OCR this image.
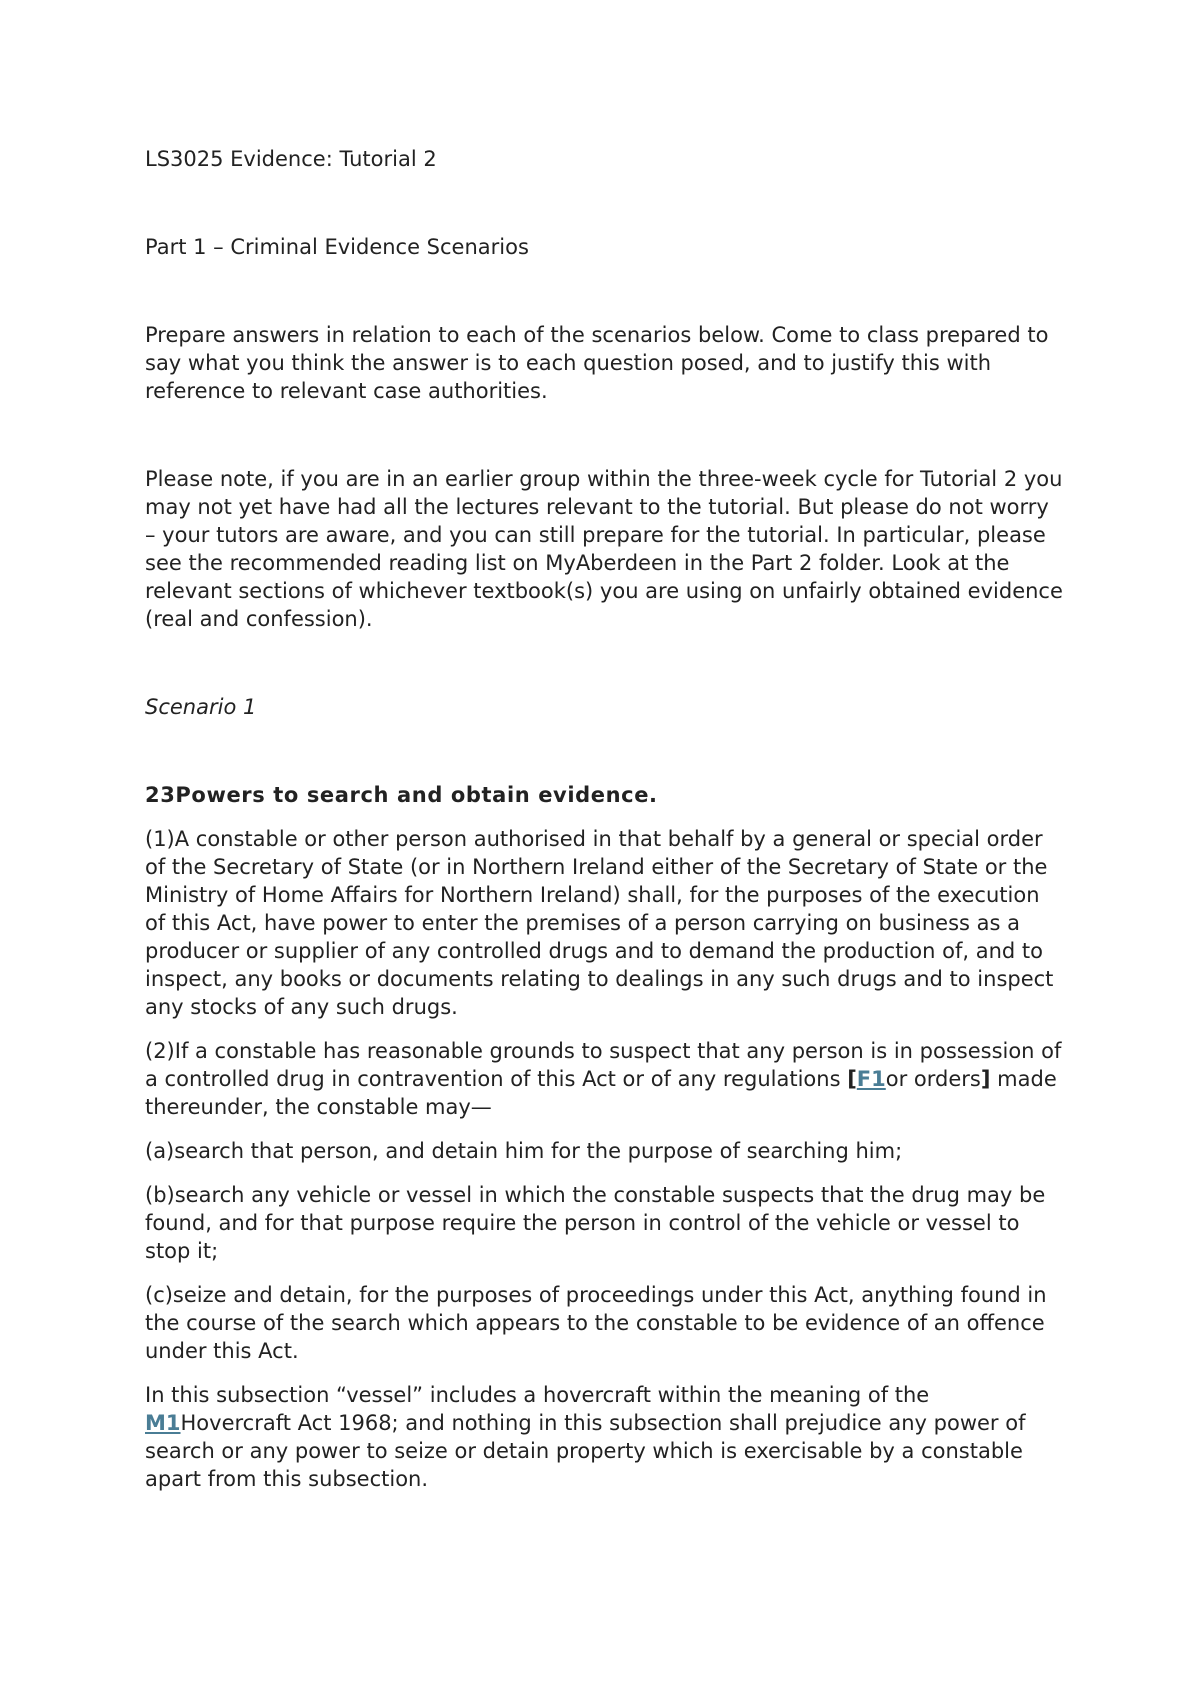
LS3025 Evidence: Tutorial 2

Part 1 – Criminal Evidence Scenarios

Prepare answers in relation to each of the scenarios below. Come to class prepared to say what you think the answer is to each question posed, and to justify this with reference to relevant case authorities.

Please note, if you are in an earlier group within the three-week cycle for Tutorial 2 you may not yet have had all the lectures relevant to the tutorial. But please do not worry – your tutors are aware, and you can still prepare for the tutorial. In particular, please see the recommended reading list on MyAberdeen in the Part 2 folder. Look at the relevant sections of whichever textbook(s) you are using on unfairly obtained evidence (real and confession).

Scenario 1

23Powers to search and obtain evidence.

(1)A constable or other person authorised in that behalf by a general or special order of the Secretary of State (or in Northern Ireland either of the Secretary of State or the Ministry of Home Affairs for Northern Ireland) shall, for the purposes of the execution of this Act, have power to enter the premises of a person carrying on business as a producer or supplier of any controlled drugs and to demand the production of, and to inspect, any books or documents relating to dealings in any such drugs and to inspect any stocks of any such drugs.

(2)If a constable has reasonable grounds to suspect that any person is in possession of a controlled drug in contravention of this Act or of any regulations [F1or orders] made thereunder, the constable may—

(a)search that person, and detain him for the purpose of searching him;

(b)search any vehicle or vessel in which the constable suspects that the drug may be found, and for that purpose require the person in control of the vehicle or vessel to stop it;

(c)seize and detain, for the purposes of proceedings under this Act, anything found in the course of the search which appears to the constable to be evidence of an offence under this Act.

In this subsection “vessel” includes a hovercraft within the meaning of the M1Hovercraft Act 1968; and nothing in this subsection shall prejudice any power of search or any power to seize or detain property which is exercisable by a constable apart from this subsection.
